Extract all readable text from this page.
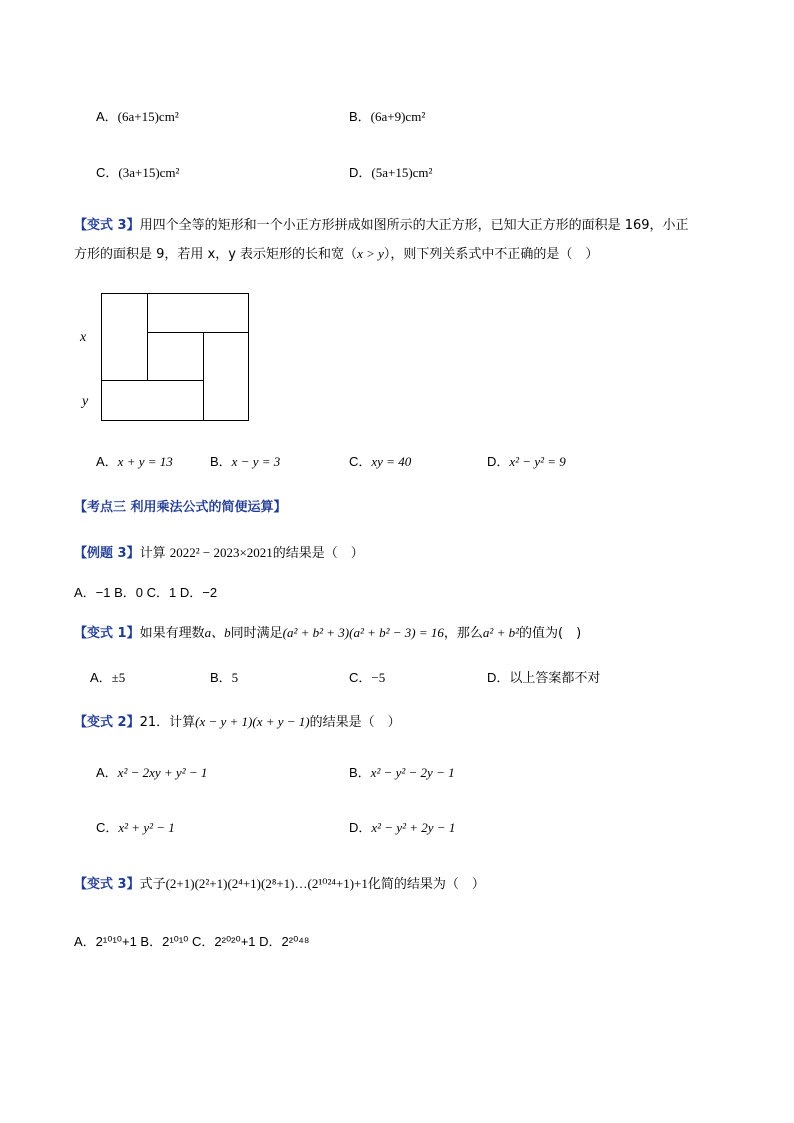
A．(6a+15)cm²	B．(6a+9)cm²
C．(3a+15)cm²	D．(5a+15)cm²
【变式 3】用四个全等的矩形和一个小正方形拼成如图所示的大正方形，已知大正方形的面积是 169，小正
方形的面积是 9，若用 x，y 表示矩形的长和宽（x > y），则下列关系式中不正确的是（　）
x
y
A．x + y = 13	B．x − y = 3	C．xy = 40	D．x² − y² = 9
【考点三 利用乘法公式的简便运算】
【例题 3】计算 2022² − 2023×2021的结果是（　）
A．−1 B．0 C．1 D．−2
【变式 1】如果有理数a、b同时满足(a² + b² + 3)(a² + b² − 3) = 16，那么a² + b²的值为(　)
A．±5	B．5	C．−5	D．以上答案都不对
【变式 2】21．计算(x − y + 1)(x + y − 1)的结果是（　）
A．x² − 2xy + y² − 1	B．x² − y² − 2y − 1
C．x² + y² − 1	D．x² − y² + 2y − 1
【变式 3】式子(2+1)(2²+1)(2⁴+1)(2⁸+1)…(2¹⁰²⁴+1)+1化简的结果为（　）
A．2¹⁰¹⁰+1 B．2¹⁰¹⁰ C．2²⁰²⁰+1 D．2²⁰⁴⁸
